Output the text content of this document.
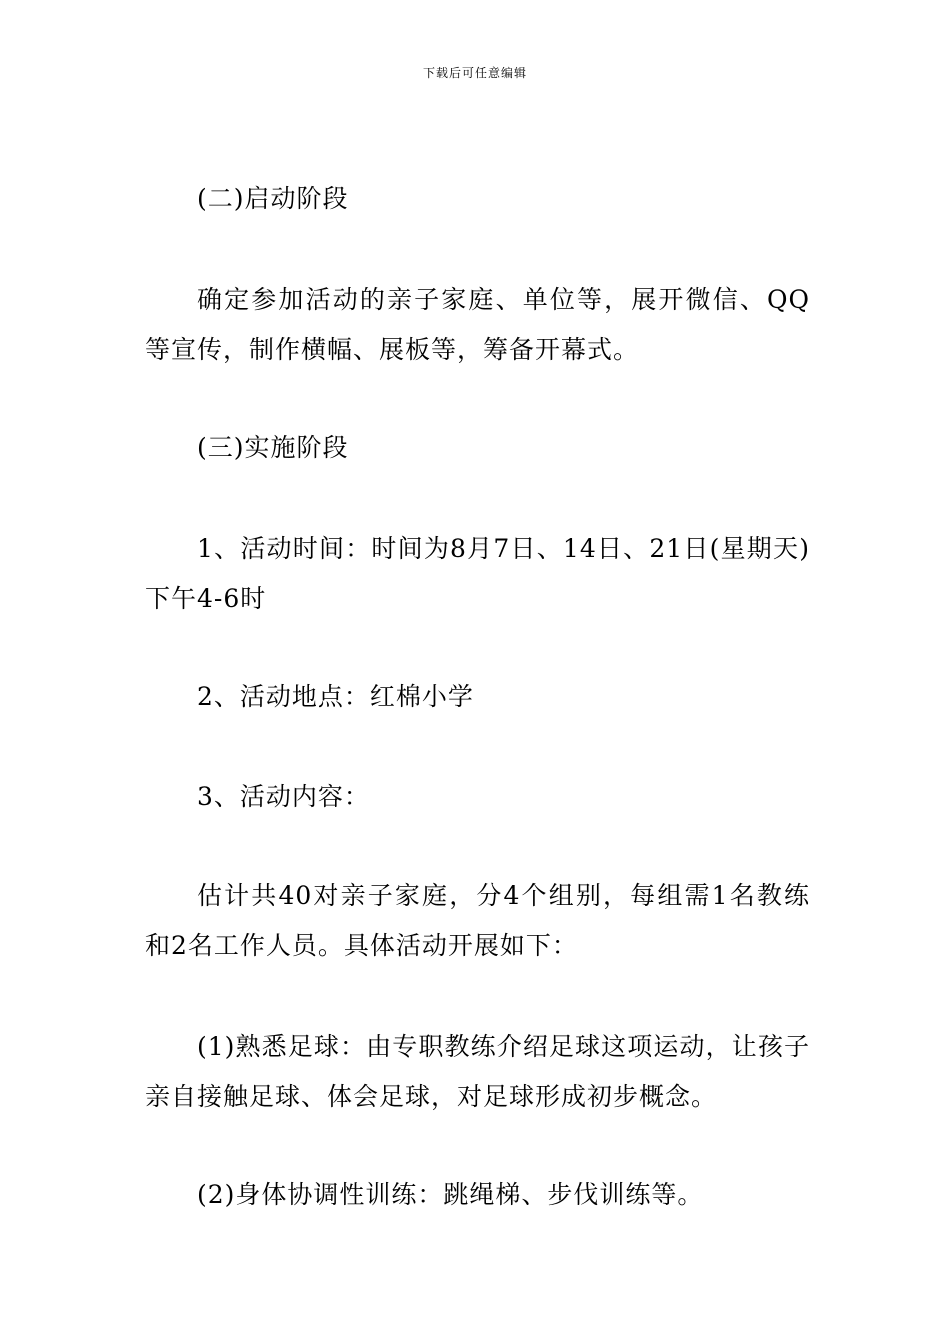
下载后可任意编辑

(二)启动阶段

确定参加活动的亲子家庭、单位等，展开微信、QQ等宣传，制作横幅、展板等，筹备开幕式。

(三)实施阶段

1、活动时间：时间为8月7日、14日、21日(星期天)下午4-6时

2、活动地点：红棉小学

3、活动内容：

估计共40对亲子家庭，分4个组别，每组需1名教练和2名工作人员。具体活动开展如下：

(1)熟悉足球：由专职教练介绍足球这项运动，让孩子亲自接触足球、体会足球，对足球形成初步概念。

(2)身体协调性训练：跳绳梯、步伐训练等。
